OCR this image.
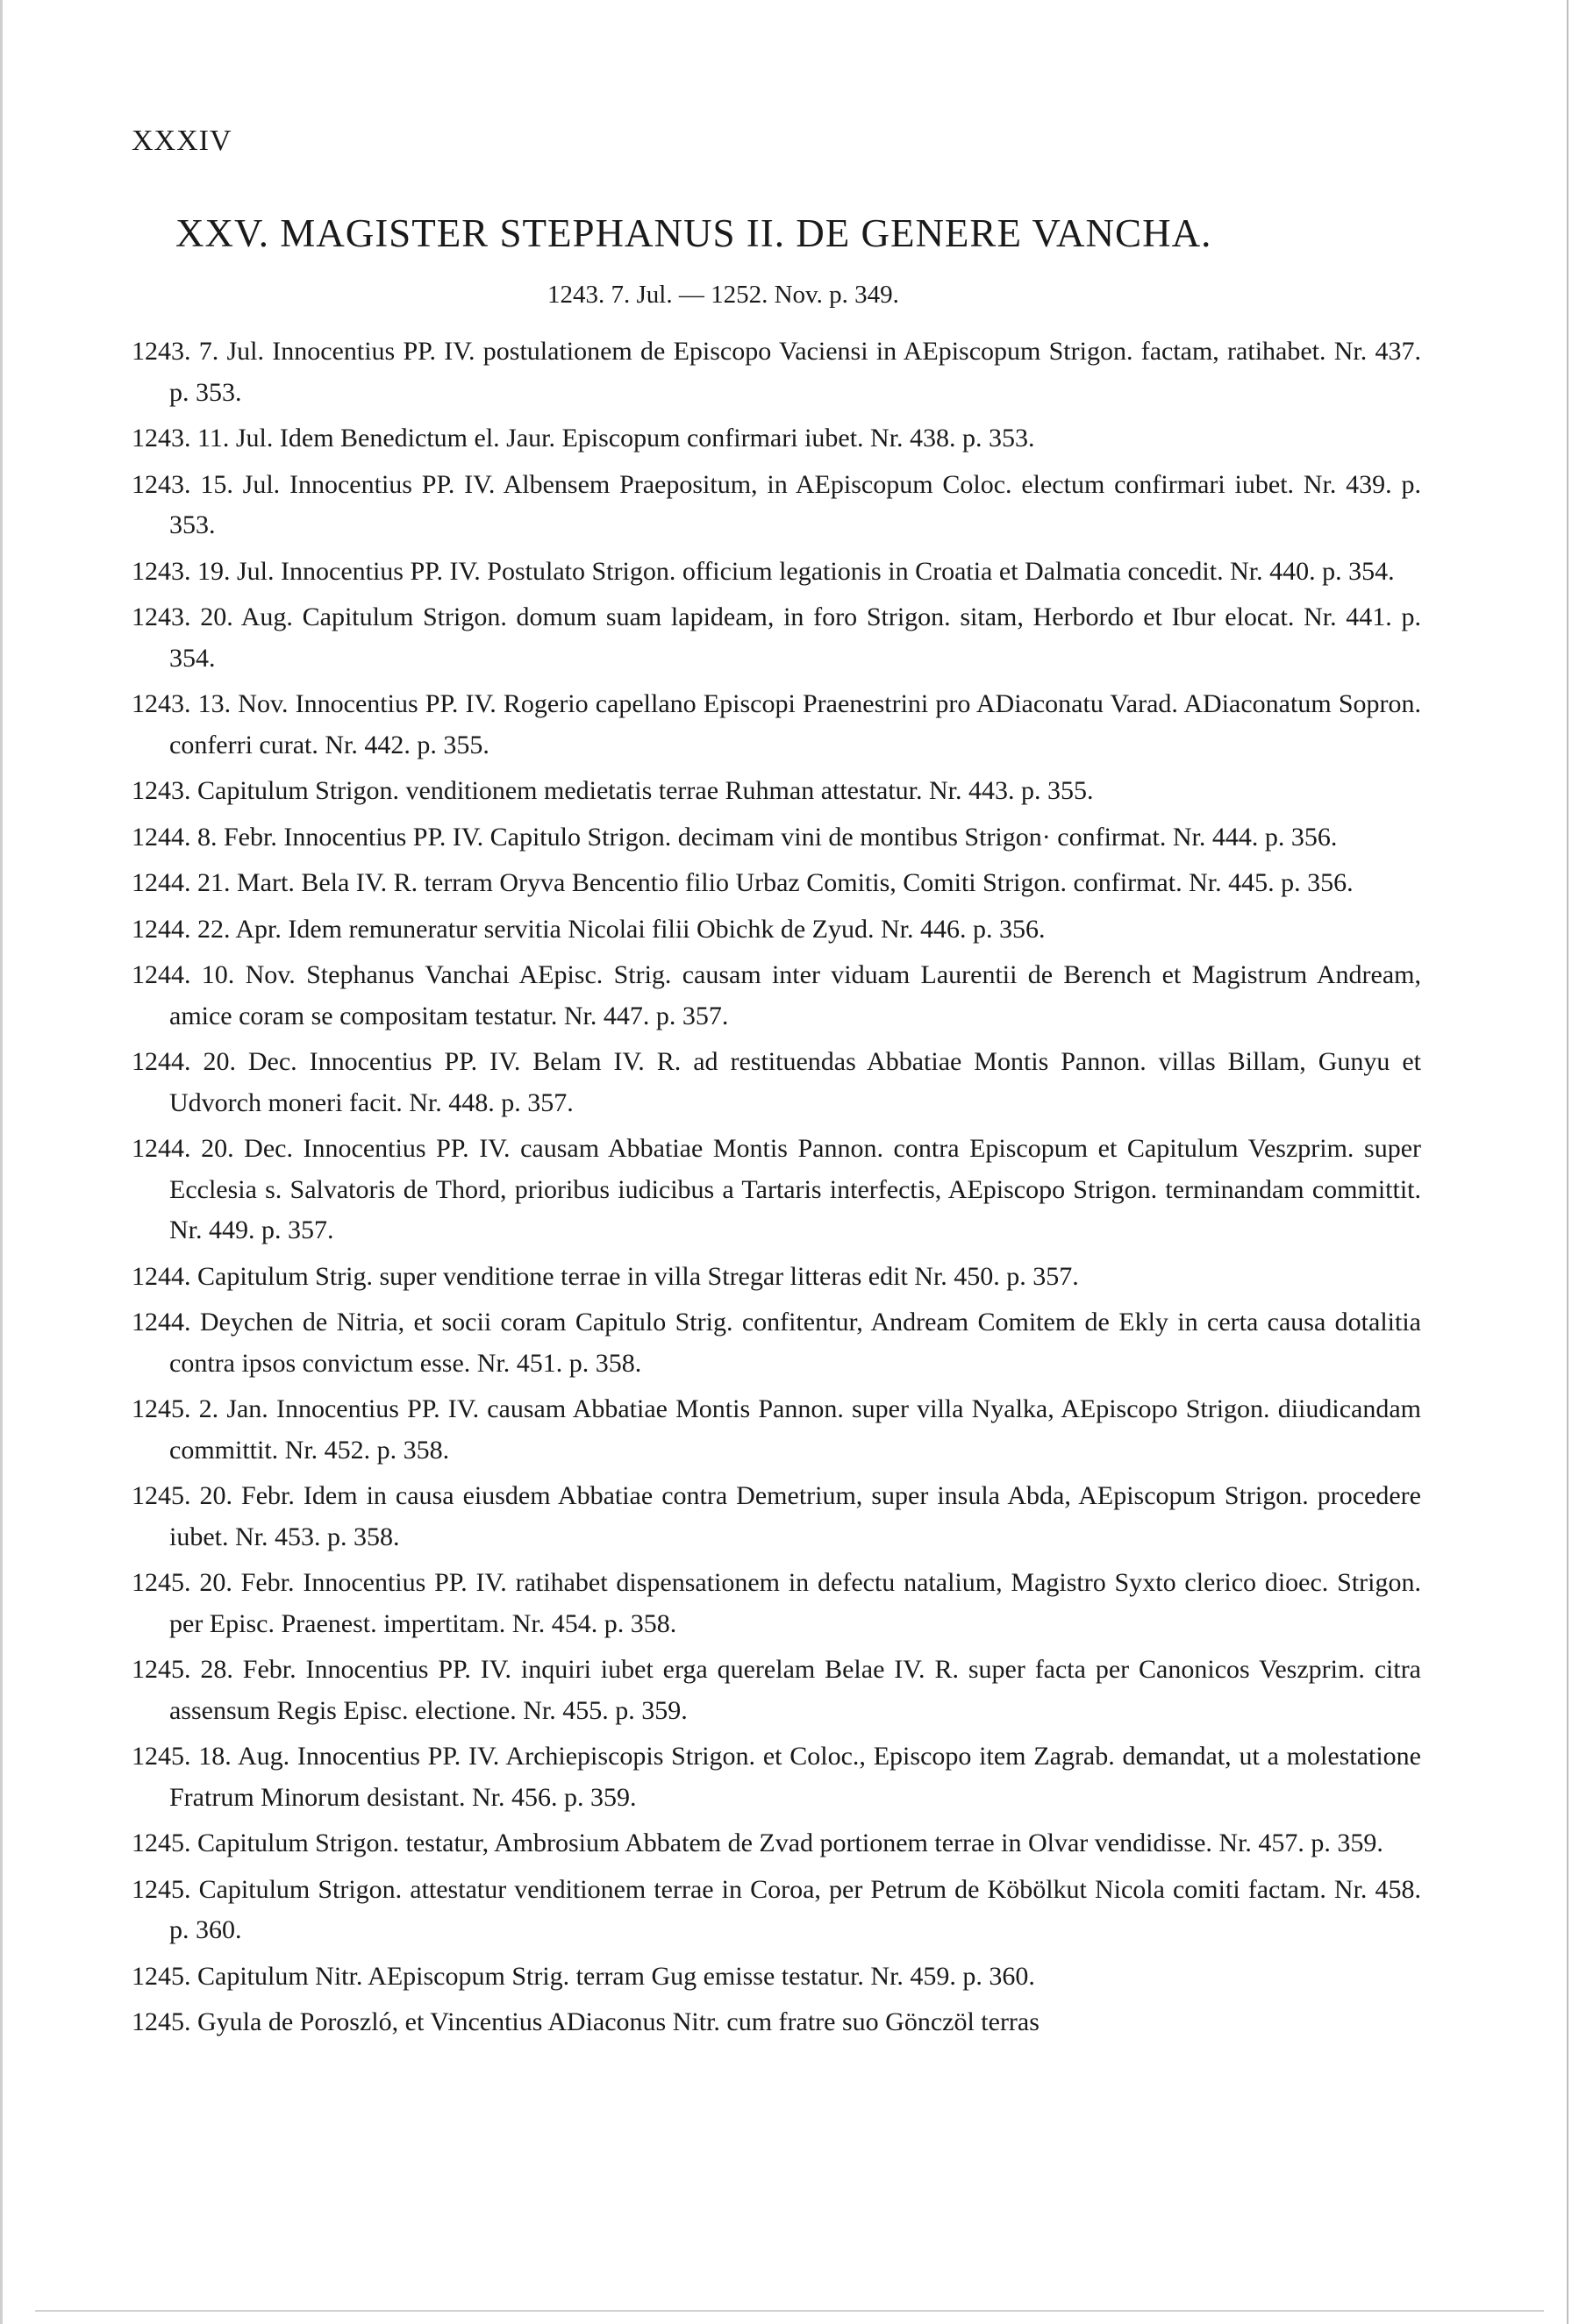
XXXIV
XXV. MAGISTER STEPHANUS II. DE GENERE VANCHA.
1243. 7. Jul. — 1252. Nov. p. 349.
1243. 7. Jul. Innocentius PP. IV. postulationem de Episcopo Vaciensi in AEpiscopum Strigon. factam, ratihabet. Nr. 437. p. 353.
1243. 11. Jul. Idem Benedictum el. Jaur. Episcopum confirmari iubet. Nr. 438. p. 353.
1243. 15. Jul. Innocentius PP. IV. Albensem Praepositum, in AEpiscopum Coloc. electum confirmari iubet. Nr. 439. p. 353.
1243. 19. Jul. Innocentius PP. IV. Postulato Strigon. officium legationis in Croatia et Dalmatia concedit. Nr. 440. p. 354.
1243. 20. Aug. Capitulum Strigon. domum suam lapideam, in foro Strigon. sitam, Herbordo et Ibur elocat. Nr. 441. p. 354.
1243. 13. Nov. Innocentius PP. IV. Rogerio capellano Episcopi Praenestrini pro ADiaconatu Varad. ADiaconatum Sopron. conferri curat. Nr. 442. p. 355.
1243. Capitulum Strigon. venditionem medietatis terrae Ruhman attestatur. Nr. 443. p. 355.
1244. 8. Febr. Innocentius PP. IV. Capitulo Strigon. decimam vini de montibus Strigon· confirmat. Nr. 444. p. 356.
1244. 21. Mart. Bela IV. R. terram Oryva Bencentio filio Urbaz Comitis, Comiti Strigon. confirmat. Nr. 445. p. 356.
1244. 22. Apr. Idem remuneratur servitia Nicolai filii Obichk de Zyud. Nr. 446. p. 356.
1244. 10. Nov. Stephanus Vanchai AEpisc. Strig. causam inter viduam Laurentii de Berench et Magistrum Andream, amice coram se compositam testatur. Nr. 447. p. 357.
1244. 20. Dec. Innocentius PP. IV. Belam IV. R. ad restituendas Abbatiae Montis Pannon. villas Billam, Gunyu et Udvorch moneri facit. Nr. 448. p. 357.
1244. 20. Dec. Innocentius PP. IV. causam Abbatiae Montis Pannon. contra Episcopum et Capitulum Veszprim. super Ecclesia s. Salvatoris de Thord, prioribus iudicibus a Tartaris interfectis, AEpiscopo Strigon. terminandam committit. Nr. 449. p. 357.
1244. Capitulum Strig. super venditione terrae in villa Stregar litteras edit Nr. 450. p. 357.
1244. Deychen de Nitria, et socii coram Capitulo Strig. confitentur, Andream Comitem de Ekly in certa causa dotalitia contra ipsos convictum esse. Nr. 451. p. 358.
1245. 2. Jan. Innocentius PP. IV. causam Abbatiae Montis Pannon. super villa Nyalka, AEpiscopo Strigon. diiudicandam committit. Nr. 452. p. 358.
1245. 20. Febr. Idem in causa eiusdem Abbatiae contra Demetrium, super insula Abda, AEpiscopum Strigon. procedere iubet. Nr. 453. p. 358.
1245. 20. Febr. Innocentius PP. IV. ratihabet dispensationem in defectu natalium, Magistro Syxto clerico dioec. Strigon. per Episc. Praenest. impertitam. Nr. 454. p. 358.
1245. 28. Febr. Innocentius PP. IV. inquiri iubet erga querelam Belae IV. R. super facta per Canonicos Veszprim. citra assensum Regis Episc. electione. Nr. 455. p. 359.
1245. 18. Aug. Innocentius PP. IV. Archiepiscopis Strigon. et Coloc., Episcopo item Zagrab. demandat, ut a molestatione Fratrum Minorum desistant. Nr. 456. p. 359.
1245. Capitulum Strigon. testatur, Ambrosium Abbatem de Zvad portionem terrae in Olvar vendidisse. Nr. 457. p. 359.
1245. Capitulum Strigon. attestatur venditionem terrae in Coroa, per Petrum de Köbölkut Nicola comiti factam. Nr. 458. p. 360.
1245. Capitulum Nitr. AEpiscopum Strig. terram Gug emisse testatur. Nr. 459. p. 360.
1245. Gyula de Poroszló, et Vincentius ADiaconus Nitr. cum fratre suo Gönczöl terras
